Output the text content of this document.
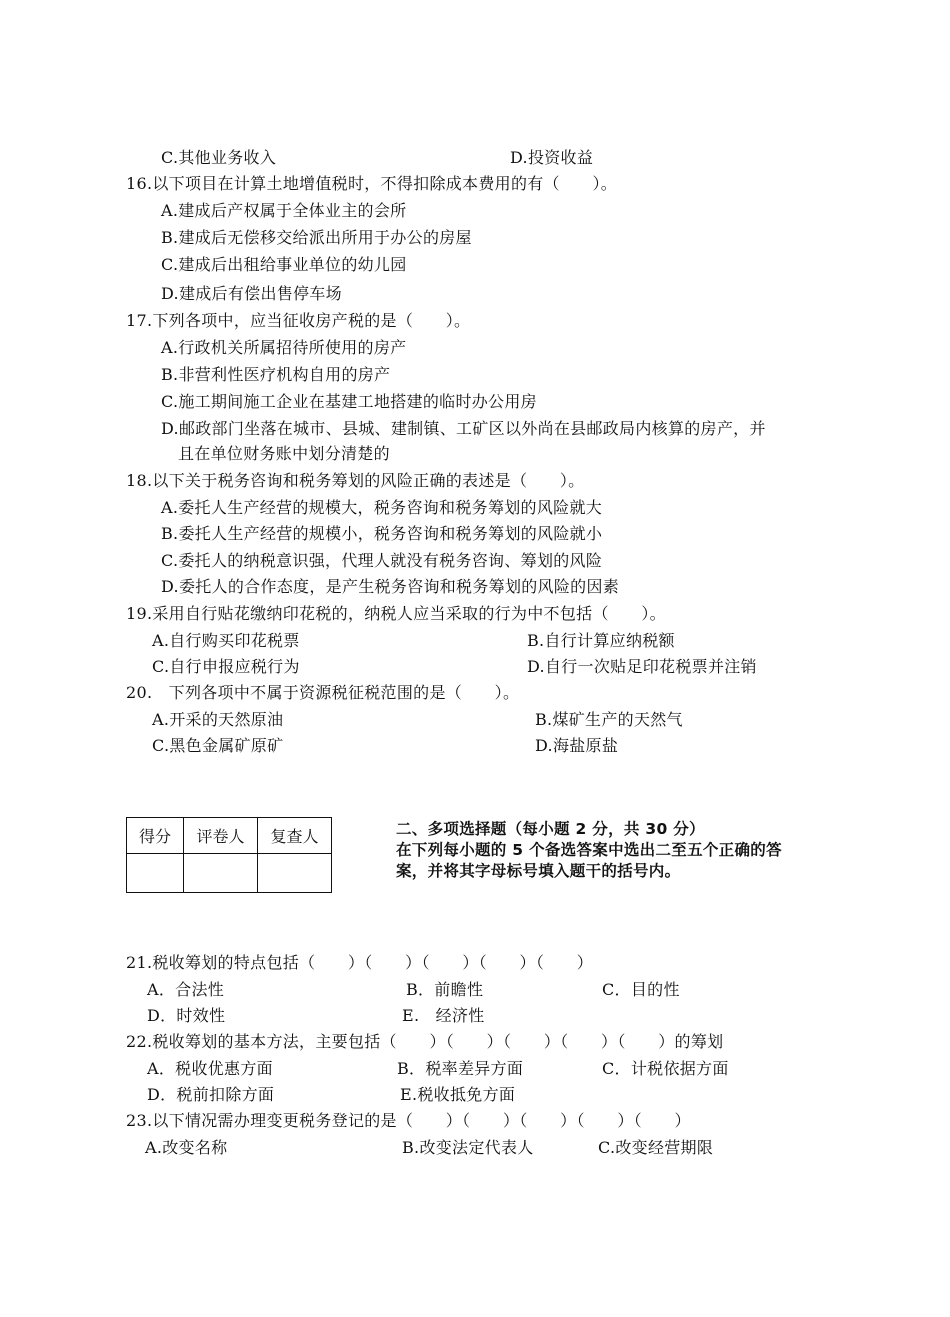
C.其他业务收入	D.投资收益
16.以下项目在计算土地增值税时，不得扣除成本费用的有（　　）。
A.建成后产权属于全体业主的会所
B.建成后无偿移交给派出所用于办公的房屋
C.建成后出租给事业单位的幼儿园
D.建成后有偿出售停车场
17.下列各项中，应当征收房产税的是（　　）。
A.行政机关所属招待所使用的房产
B.非营利性医疗机构自用的房产
C.施工期间施工企业在基建工地搭建的临时办公用房
D.邮政部门坐落在城市、县城、建制镇、工矿区以外尚在县邮政局内核算的房产，并
且在单位财务账中划分清楚的
18.以下关于税务咨询和税务筹划的风险正确的表述是（　　）。
A.委托人生产经营的规模大，税务咨询和税务筹划的风险就大
B.委托人生产经营的规模小，税务咨询和税务筹划的风险就小
C.委托人的纳税意识强，代理人就没有税务咨询、筹划的风险
D.委托人的合作态度，是产生税务咨询和税务筹划的风险的因素
19.采用自行贴花缴纳印花税的，纳税人应当采取的行为中不包括（　　）。
A.自行购买印花税票	B.自行计算应纳税额
C.自行申报应税行为	D.自行一次贴足印花税票并注销
20.　下列各项中不属于资源税征税范围的是（　　）。
A.开采的天然原油	B.煤矿生产的天然气
C.黑色金属矿原矿	D.海盐原盐
得分	评卷人	复查人
			二、多项选择题（每小题 2 分，共 30 分）
在下列每小题的 5 个备选答案中选出二至五个正确的答
案，并将其字母标号填入题干的括号内。
21.税收筹划的特点包括（　　）（　　）（　　）（　　）（　　）
A．合法性	B．前瞻性	C．目的性
D．时效性	E.　经济性
22.税收筹划的基本方法，主要包括（　　）（　　）（　　）（　　）（　　）的筹划
A．税收优惠方面	B．税率差异方面	C．计税依据方面
D．税前扣除方面	E.税收抵免方面
23.以下情况需办理变更税务登记的是（　　）（　　）（　　）（　　）（　　）
A.改变名称	B.改变法定代表人	C.改变经营期限
